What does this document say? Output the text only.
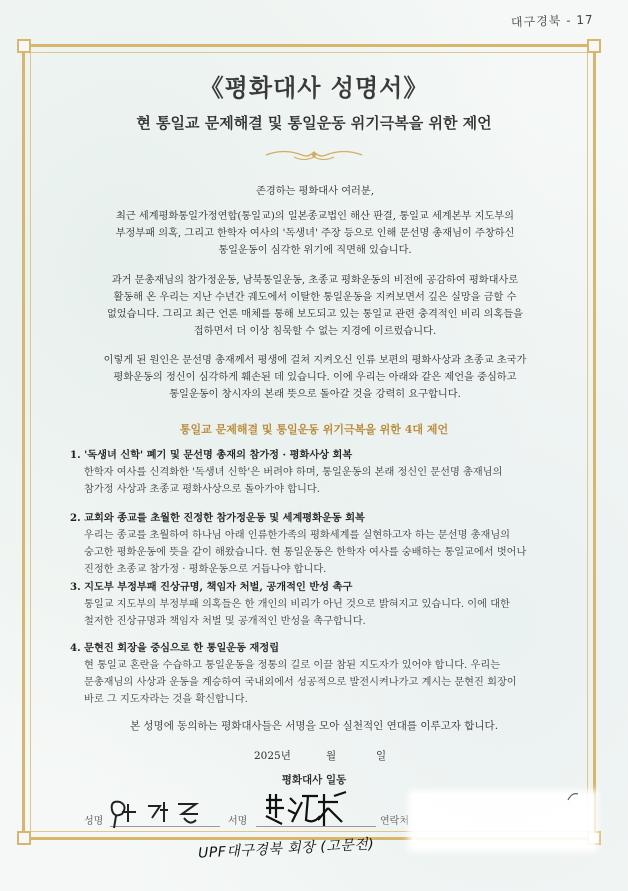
대구경북 - 17
《평화대사 성명서》
현 통일교 문제해결 및 통일운동 위기극복을 위한 제언
존경하는 평화대사 여러분,
최근 세계평화통일가정연합(통일교)의 일본종교법인 해산 판결, 통일교 세계본부 지도부의
부정부패 의혹, 그리고 한학자 여사의 '독생녀' 주장 등으로 인해 문선명 총재님이 주창하신
통일운동이 심각한 위기에 직면해 있습니다.
과거 문총재님의 참가정운동, 남북통일운동, 초종교 평화운동의 비전에 공감하여 평화대사로
활동해 온 우리는 지난 수년간 궤도에서 이탈한 통일운동을 지켜보면서 깊은 실망을 금할 수
없었습니다. 그리고 최근 언론 매체를 통해 보도되고 있는 통일교 관련 충격적인 비리 의혹들을
접하면서 더 이상 침묵할 수 없는 지경에 이르렀습니다.
이렇게 된 원인은 문선명 총재께서 평생에 걸쳐 지켜오신 인류 보편의 평화사상과 초종교 초국가
평화운동의 정신이 심각하게 훼손된 데 있습니다. 이에 우리는 아래와 같은 제언을 중심하고
통일운동이 창시자의 본래 뜻으로 돌아갈 것을 강력히 요구합니다.
통일교 문제해결 및 통일운동 위기극복을 위한 4대 제언
1. '독생녀 신학' 폐기 및 문선명 총재의 참가정 · 평화사상 회복
한학자 여사를 신격화한 '독생녀 신학'은 버려야 하며, 통일운동의 본래 정신인 문선명 총재님의
참가정 사상과 초종교 평화사상으로 돌아가야 합니다.
2. 교회와 종교를 초월한 진정한 참가정운동 및 세계평화운동 회복
우리는 종교를 초월하여 하나님 아래 인류한가족의 평화세계를 실현하고자 하는 문선명 총재님의
숭고한 평화운동에 뜻을 같이 해왔습니다. 현 통일운동은 한학자 여사를 숭배하는 통일교에서 벗어나
진정한 초종교 참가정 · 평화운동으로 거듭나야 합니다.
3. 지도부 부정부패 진상규명, 책임자 처벌, 공개적인 반성 촉구
통일교 지도부의 부정부패 의혹들은 한 개인의 비리가 아닌 것으로 밝혀지고 있습니다. 이에 대한
철저한 진상규명과 책임자 처벌 및 공개적인 반성을 촉구합니다.
4. 문현진 회장을 중심으로 한 통일운동 재정립
현 통일교 혼란을 수습하고 통일운동을 정통의 길로 이끌 참된 지도자가 있어야 합니다. 우리는
문총재님의 사상과 운동을 계승하여 국내외에서 성공적으로 발전시켜나가고 계시는 문현진 회장이
바로 그 지도자라는 것을 확신합니다.
본 성명에 동의하는 평화대사들은 서명을 모아 실천적인 연대를 이루고자 합니다.
2025년	월	일
평화대사 일동
성명	서명	연락처
UPF대구경북 회장 (고문전)
